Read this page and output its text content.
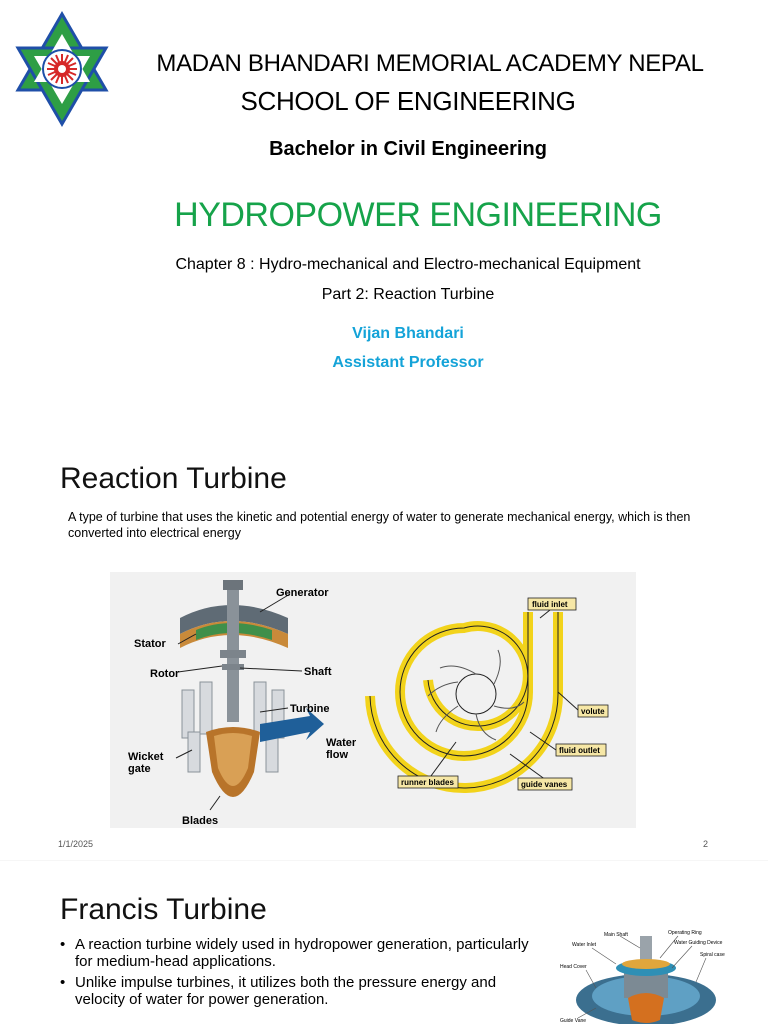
MADAN BHANDARI MEMORIAL ACADEMY NEPAL
SCHOOL OF ENGINEERING
Bachelor in Civil Engineering
HYDROPOWER ENGINEERING
Chapter 8 : Hydro-mechanical and Electro-mechanical Equipment
Part 2: Reaction Turbine
Vijan Bhandari
Assistant Professor
Reaction Turbine
A type of turbine that uses the kinetic and potential energy of water to generate mechanical energy, which is then converted into electrical energy
Generator
Stator
Rotor	Shaft
Turbine
Water
flow
Wicket
gate
Blades
fluid inlet
volute
fluid outlet
runner blades	guide vanes
1/1/2025	2
Francis Turbine
• A reaction turbine widely used in hydropower generation, particularly for medium-head applications.
• Unlike impulse turbines, it utilizes both the pressure energy and velocity of water for power generation.
Main Shaft	Operating Ring
Water Inlet	Water Guiding Device
Spiral case
Head Cover
Guide Vane
